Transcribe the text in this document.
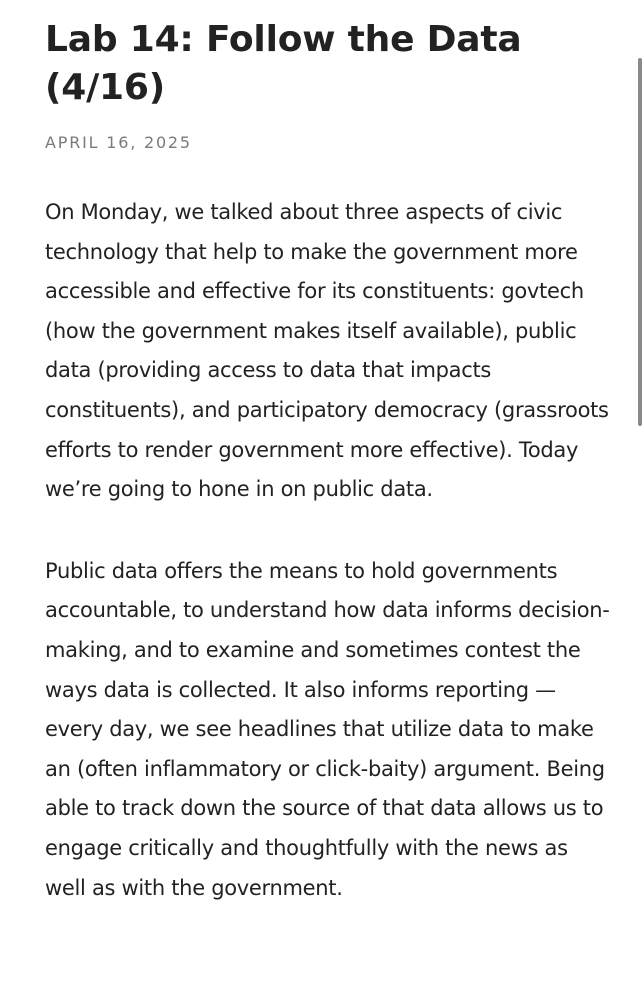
Lab 14: Follow the Data (4/16)
APRIL 16, 2025

On Monday, we talked about three aspects of civic technology that help to make the government more accessible and effective for its constituents: govtech (how the government makes itself available), public data (providing access to data that impacts constituents), and participatory democracy (grassroots efforts to render government more effective). Today we’re going to hone in on public data.

Public data offers the means to hold governments accountable, to understand how data informs decision-making, and to examine and sometimes contest the ways data is collected. It also informs reporting — every day, we see headlines that utilize data to make an (often inflammatory or click-baity) argument. Being able to track down the source of that data allows us to engage critically and thoughtfully with the news as well as with the government.
